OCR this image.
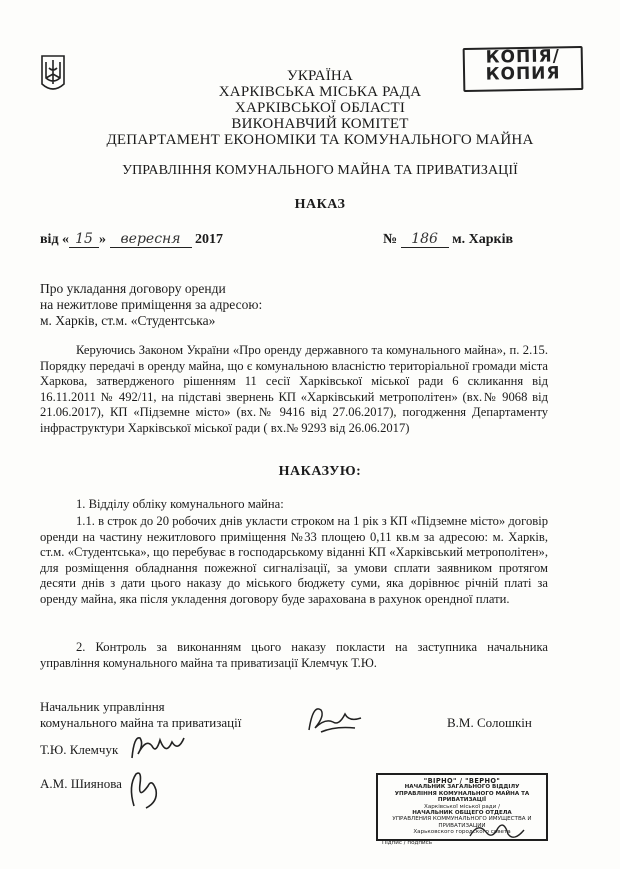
КОПІЯ/
КОПИЯ
УКРАЇНА
ХАРКІВСЬКА МІСЬКА РАДА
ХАРКІВСЬКОЇ ОБЛАСТІ
ВИКОНАВЧИЙ КОМІТЕТ
ДЕПАРТАМЕНТ ЕКОНОМІКИ ТА КОМУНАЛЬНОГО МАЙНА
УПРАВЛІННЯ КОМУНАЛЬНОГО МАЙНА ТА ПРИВАТИЗАЦІЇ
НАКАЗ
від « 15 » вересня 2017	№ 186 м. Харків
Про укладання договору оренди
на нежитлове приміщення за адресою:
м. Харків, ст.м. «Студентська»
Керуючись Законом України «Про оренду державного та комунального майна», п. 2.15. Порядку передачі в оренду майна, що є комунальною власністю територіальної громади міста Харкова, затвердженого рішенням 11 сесії Харківської міської ради 6 скликання від 16.11.2011 № 492/11, на підставі звернень КП «Харківський метрополітен» (вх.№ 9068 від 21.06.2017), КП «Підземне місто» (вх.№ 9416 від 27.06.2017), погодження Департаменту інфраструктури Харківської міської ради ( вх.№ 9293 від 26.06.2017)
НАКАЗУЮ:
1. Відділу обліку комунального майна:
1.1. в строк до 20 робочих днів укласти строком на 1 рік з КП «Підземне місто» договір оренди на частину нежитлового приміщення №33 площею 0,11 кв.м за адресою: м. Харків, ст.м. «Студентська», що перебуває в господарському віданні КП «Харківський метрополітен», для розміщення обладнання пожежної сигналізації, за умови сплати заявником протягом десяти днів з дати цього наказу до міського бюджету суми, яка дорівнює річній платі за оренду майна, яка після укладення договору буде зарахована в рахунок орендної плати.
2. Контроль за виконанням цього наказу покласти на заступника начальника управління комунального майна та приватизації Клемчук Т.Ю.
Начальник управління
комунального майна та приватизації	В.М. Солошкін
Т.Ю. Клемчук
А.М. Шиянова	"ВІРНО" / "ВЕРНО"
НАЧАЛЬНИК ЗАГАЛЬНОГО ВІДДІЛУ
УПРАВЛІННЯ КОМУНАЛЬНОГО МАЙНА ТА ПРИВАТИЗАЦІЇ
Харківської міської ради /
НАЧАЛЬНИК ОБЩЕГО ОТДЕЛА
УПРАВЛЕНИЯ КОММУНАЛЬНОГО ИМУЩЕСТВА И ПРИВАТИЗАЦИИ
Харьковского городского совета
Підпис / подпись
